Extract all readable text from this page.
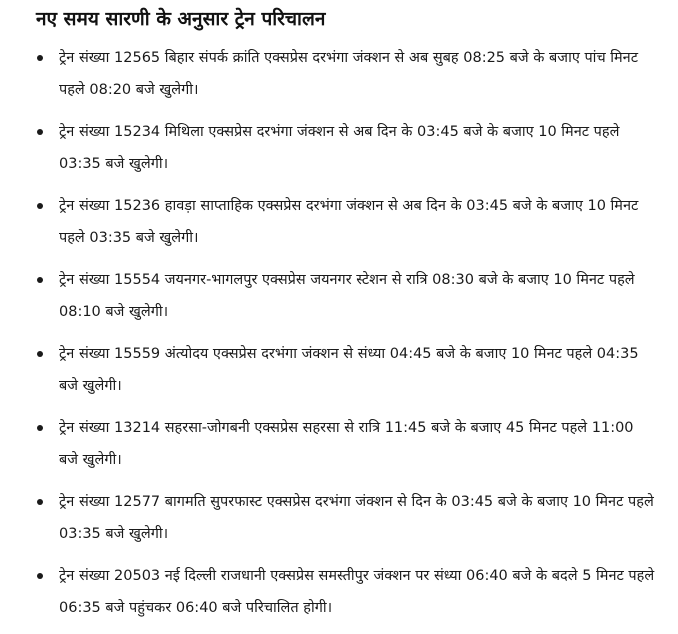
नए समय सारणी के अनुसार ट्रेन परिचालन
ट्रेन संख्या 12565 बिहार संपर्क क्रांति एक्सप्रेस दरभंगा जंक्शन से अब सुबह 08:25 बजे के बजाए पांच मिनट पहले 08:20 बजे खुलेगी।
ट्रेन संख्या 15234 मिथिला एक्सप्रेस दरभंगा जंक्शन से अब दिन के 03:45 बजे के बजाए 10 मिनट पहले 03:35 बजे खुलेगी।
ट्रेन संख्या 15236 हावड़ा साप्ताहिक एक्सप्रेस दरभंगा जंक्शन से अब दिन के 03:45 बजे के बजाए 10 मिनट पहले 03:35 बजे खुलेगी।
ट्रेन संख्या 15554 जयनगर-भागलपुर एक्सप्रेस जयनगर स्टेशन से रात्रि 08:30 बजे के बजाए 10 मिनट पहले 08:10 बजे खुलेगी।
ट्रेन संख्या 15559 अंत्योदय एक्सप्रेस दरभंगा जंक्शन से संध्या 04:45 बजे के बजाए 10 मिनट पहले 04:35 बजे खुलेगी।
ट्रेन संख्या 13214 सहरसा-जोगबनी एक्सप्रेस सहरसा से रात्रि 11:45 बजे के बजाए 45 मिनट पहले 11:00 बजे खुलेगी।
ट्रेन संख्या 12577 बागमति सुपरफास्ट एक्सप्रेस दरभंगा जंक्शन से दिन के 03:45 बजे के बजाए 10 मिनट पहले 03:35 बजे खुलेगी।
ट्रेन संख्या 20503 नई दिल्ली राजधानी एक्सप्रेस समस्तीपुर जंक्शन पर संध्या 06:40 बजे के बदले 5 मिनट पहले 06:35 बजे पहुंचकर 06:40 बजे परिचालित होगी।
